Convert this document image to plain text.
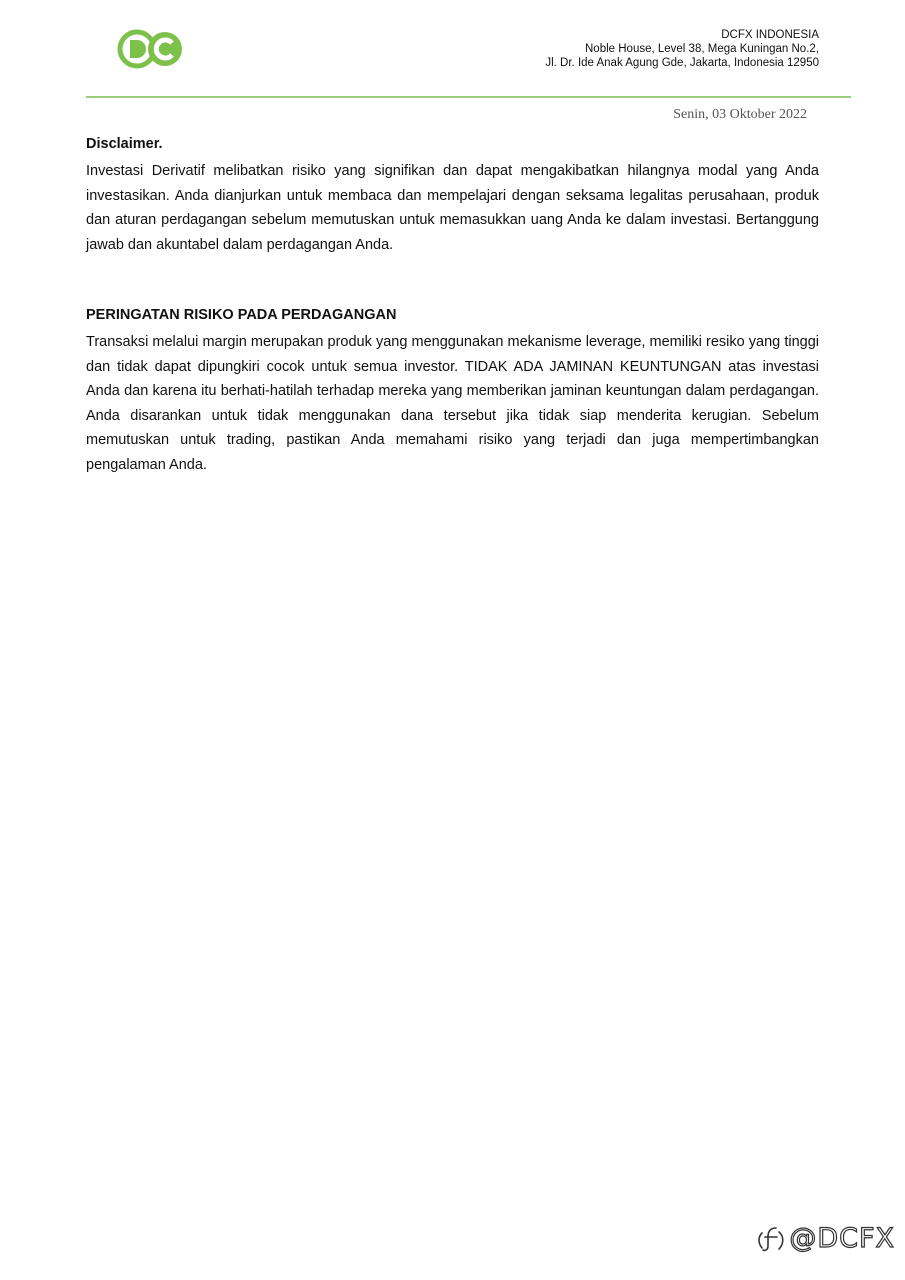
DCFX INDONESIA
Noble House, Level 38, Mega Kuningan No.2,
Jl. Dr. Ide Anak Agung Gde, Jakarta, Indonesia 12950
Senin, 03 Oktober 2022
Disclaimer.

Investasi Derivatif melibatkan risiko yang signifikan dan dapat mengakibatkan hilangnya modal yang Anda investasikan. Anda dianjurkan untuk membaca dan mempelajari dengan seksama legalitas perusahaan, produk dan aturan perdagangan sebelum memutuskan untuk memasukkan uang Anda ke dalam investasi. Bertanggung jawab dan akuntabel dalam perdagangan Anda.

PERINGATAN RISIKO PADA PERDAGANGAN

Transaksi melalui margin merupakan produk yang menggunakan mekanisme leverage, memiliki resiko yang tinggi dan tidak dapat dipungkiri cocok untuk semua investor. TIDAK ADA JAMINAN KEUNTUNGAN atas investasi Anda dan karena itu berhati-hatilah terhadap mereka yang memberikan jaminan keuntungan dalam perdagangan. Anda disarankan untuk tidak menggunakan dana tersebut jika tidak siap menderita kerugian. Sebelum memutuskan untuk trading, pastikan Anda memahami risiko yang terjadi dan juga mempertimbangkan pengalaman Anda.

@DCFX
